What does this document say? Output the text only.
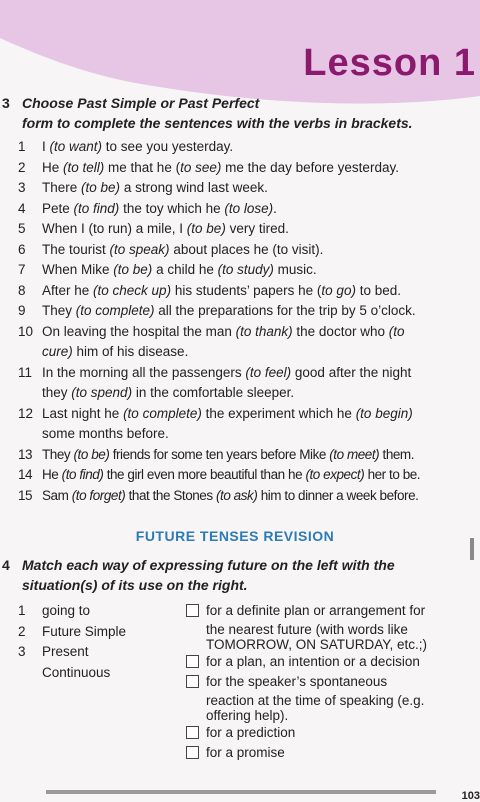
Lesson 1
3 Choose Past Simple or Past Perfect
form to complete the sentences with the verbs in brackets.
1	I (to want) to see you yesterday.
2	He (to tell) me that he (to see) me the day before yesterday.
3	There (to be) a strong wind last week.
4	Pete (to find) the toy which he (to lose).
5	When I (to run) a mile, I (to be) very tired.
6	The tourist (to speak) about places he (to visit).
7	When Mike (to be) a child he (to study) music.
8	After he (to check up) his students’ papers he (to go) to bed.
9	They (to complete) all the preparations for the trip by 5 o’clock.
10 On leaving the hospital the man (to thank) the doctor who (to
cure) him of his disease.
11 In the morning all the passengers (to feel) good after the night
they (to spend) in the comfortable sleeper.
12 Last night he (to complete) the experiment which he (to begin)
some months before.
13 They (to be) friends for some ten years before Mike (to meet) them.
14 He (to find) the girl even more beautiful than he (to expect) her to be.
15 Sam (to forget) that the Stones (to ask) him to dinner a week before.
FUTURE TENSES REVISION
4 Match each way of expressing future on the left with the
situation(s) of its use on the right.
1	going to
2	Future Simple
3	Present
Continuous
for a definite plan or arrangement for
the nearest future (with words like
TOMORROW, ON SATURDAY, etc.;)
for a plan, an intention or a decision
for the speaker’s spontaneous
reaction at the time of speaking (e.g.
offering help).
for a prediction
for a promise
103
